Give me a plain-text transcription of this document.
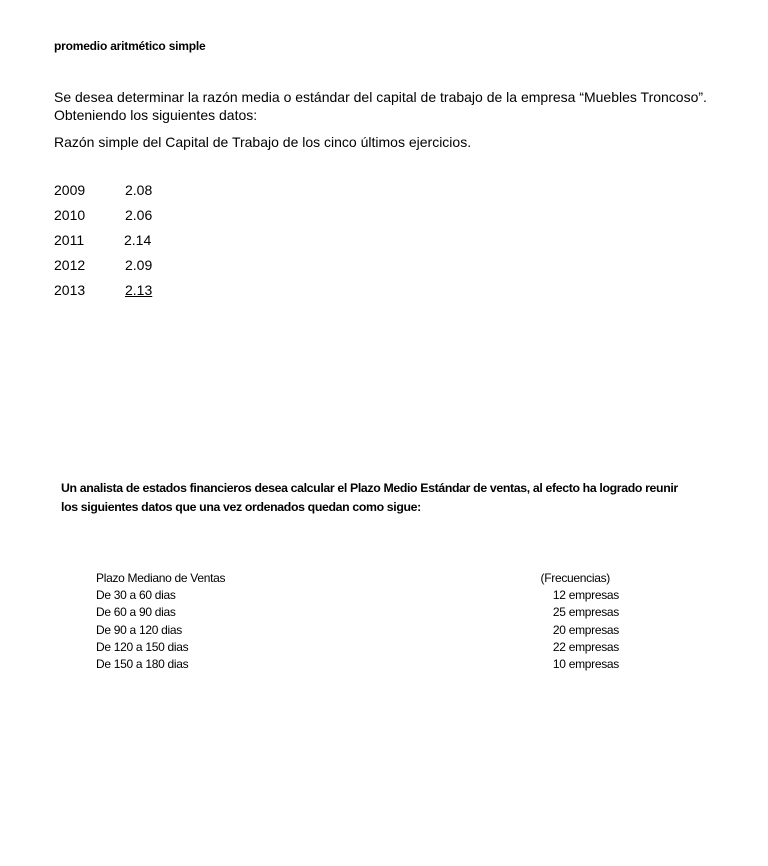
promedio aritmético simple

Se desea determinar la razón media o estándar del capital de trabajo de la empresa “Muebles Troncoso”.

Obteniendo los siguientes datos:

Razón simple del Capital de Trabajo de los cinco últimos ejercicios.

2009	2.08
2010	2.06
2011	2.14
2012	2.09
2013	2.13

Un analista de estados financieros desea calcular el Plazo Medio Estándar de ventas, al efecto ha logrado reunir

los siguientes datos que una vez ordenados quedan como sigue:

Plazo Mediano de Ventas	(Frecuencias)
De 30 a 60 dias	12 empresas
De 60 a 90 dias	25 empresas
De 90 a 120 dias	20 empresas
De 120 a 150 dias	22 empresas
De 150 a 180 dias	10 empresas
